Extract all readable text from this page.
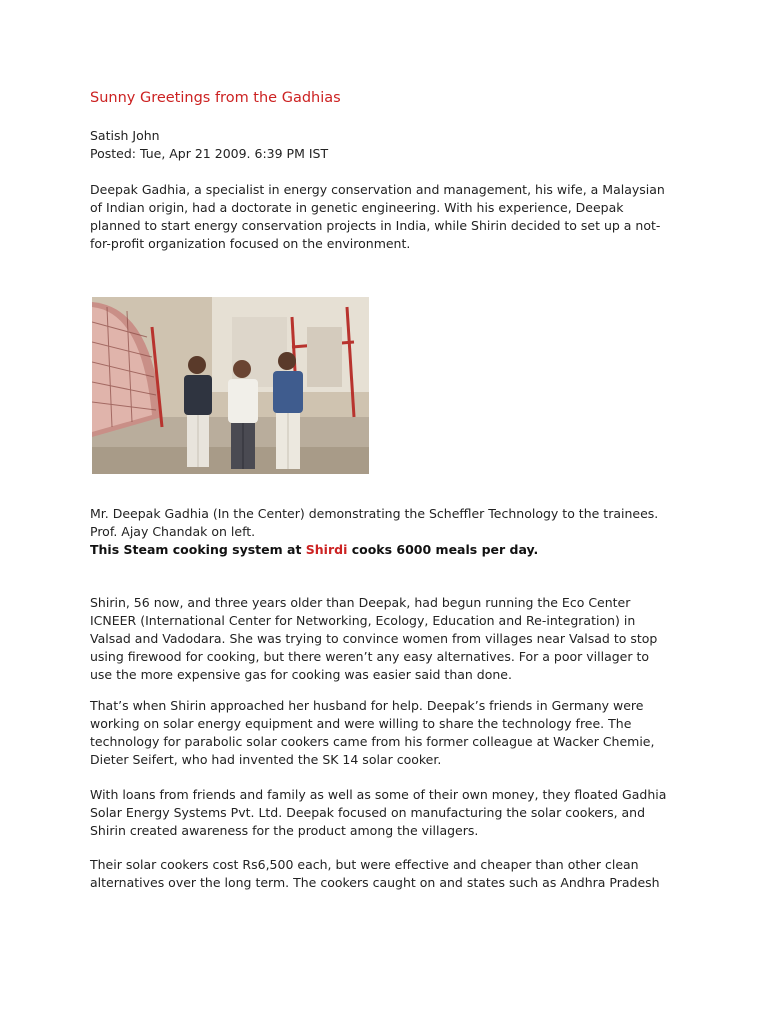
Sunny Greetings from the Gadhias
Satish John
Posted: Tue, Apr 21 2009. 6:39 PM IST
Deepak Gadhia, a specialist in energy conservation and management, his wife, a Malaysian
of Indian origin, had a doctorate in genetic engineering. With his experience, Deepak
planned to start energy conservation projects in India, while Shirin decided to set up a not-
for-profit organization focused on the environment.
Mr. Deepak Gadhia (In the Center) demonstrating the Scheffler Technology to the trainees.
Prof. Ajay Chandak on left.
This Steam cooking system at Shirdi cooks 6000 meals per day.
Shirin, 56 now, and three years older than Deepak, had begun running the Eco Center
ICNEER (International Center for Networking, Ecology, Education and Re-integration) in
Valsad and Vadodara. She was trying to convince women from villages near Valsad to stop
using firewood for cooking, but there weren’t any easy alternatives. For a poor villager to
use the more expensive gas for cooking was easier said than done.
That’s when Shirin approached her husband for help. Deepak’s friends in Germany were
working on solar energy equipment and were willing to share the technology free. The
technology for parabolic solar cookers came from his former colleague at Wacker Chemie,
Dieter Seifert, who had invented the SK 14 solar cooker.
With loans from friends and family as well as some of their own money, they floated Gadhia
Solar Energy Systems Pvt. Ltd. Deepak focused on manufacturing the solar cookers, and
Shirin created awareness for the product among the villagers.
Their solar cookers cost Rs6,500 each, but were effective and cheaper than other clean
alternatives over the long term. The cookers caught on and states such as Andhra Pradesh
